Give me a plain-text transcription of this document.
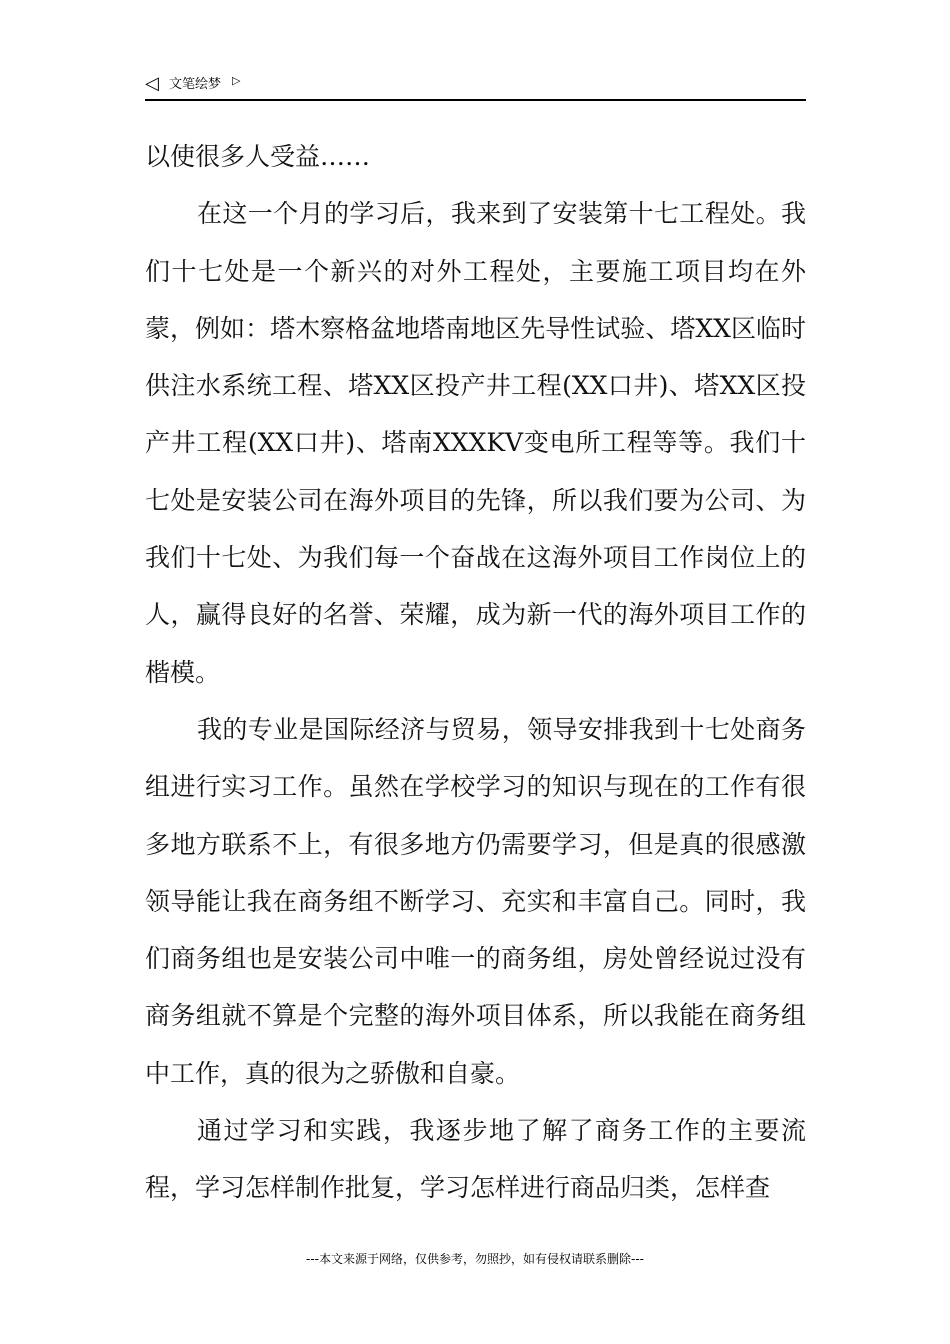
◁ 文笔绘梦 ▷

以使很多人受益……

在这一个月的学习后，我来到了安装第十七工程处。我们十七处是一个新兴的对外工程处，主要施工项目均在外蒙，例如：塔木察格盆地塔南地区先导性试验、塔XX区临时供注水系统工程、塔XX区投产井工程(XX口井)、塔XX区投产井工程(XX口井)、塔南XXXKV变电所工程等等。我们十七处是安装公司在海外项目的先锋，所以我们要为公司、为我们十七处、为我们每一个奋战在这海外项目工作岗位上的人，赢得良好的名誉、荣耀，成为新一代的海外项目工作的楷模。

我的专业是国际经济与贸易，领导安排我到十七处商务组进行实习工作。虽然在学校学习的知识与现在的工作有很多地方联系不上，有很多地方仍需要学习，但是真的很感激领导能让我在商务组不断学习、充实和丰富自己。同时，我们商务组也是安装公司中唯一的商务组，房处曾经说过没有商务组就不算是个完整的海外项目体系，所以我能在商务组中工作，真的很为之骄傲和自豪。

通过学习和实践，我逐步地了解了商务工作的主要流程，学习怎样制作批复，学习怎样进行商品归类，怎样查

---本文来源于网络，仅供参考，勿照抄，如有侵权请联系删除---
